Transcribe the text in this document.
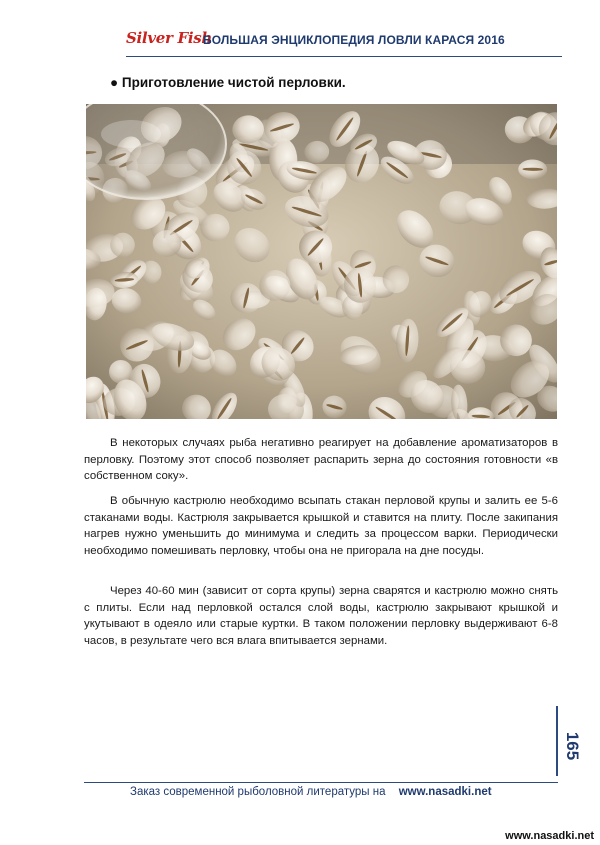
Silver Fish
БОЛЬШАЯ ЭНЦИКЛОПЕДИЯ ЛОВЛИ КАРАСЯ 2016
● Приготовление чистой перловки.
В некоторых случаях рыба негативно реагирует на добавление ароматизаторов в перловку. Поэтому этот способ позволяет распарить зерна до состояния готовности «в собственном соку».
В обычную кастрюлю необходимо всыпать стакан перловой крупы и залить ее 5-6 стаканами воды. Кастрюля закрывается крышкой и ставится на плиту. После закипания нагрев нужно уменьшить до минимума и следить за процессом варки. Периодически необходимо помешивать перловку, чтобы она не пригорала на дне посуды.
Через 40-60 мин (зависит от сорта крупы) зерна сварятся и кастрюлю можно снять с плиты. Если над перловкой остался слой воды, кастрюлю закрывают крышкой и укутывают в одеяло или старые куртки. В таком положении перловку выдерживают 6-8 часов, в результате чего вся влага впитывается зернами.
165
Заказ современной рыболовной литературы на www.nasadki.net
www.nasadki.net
